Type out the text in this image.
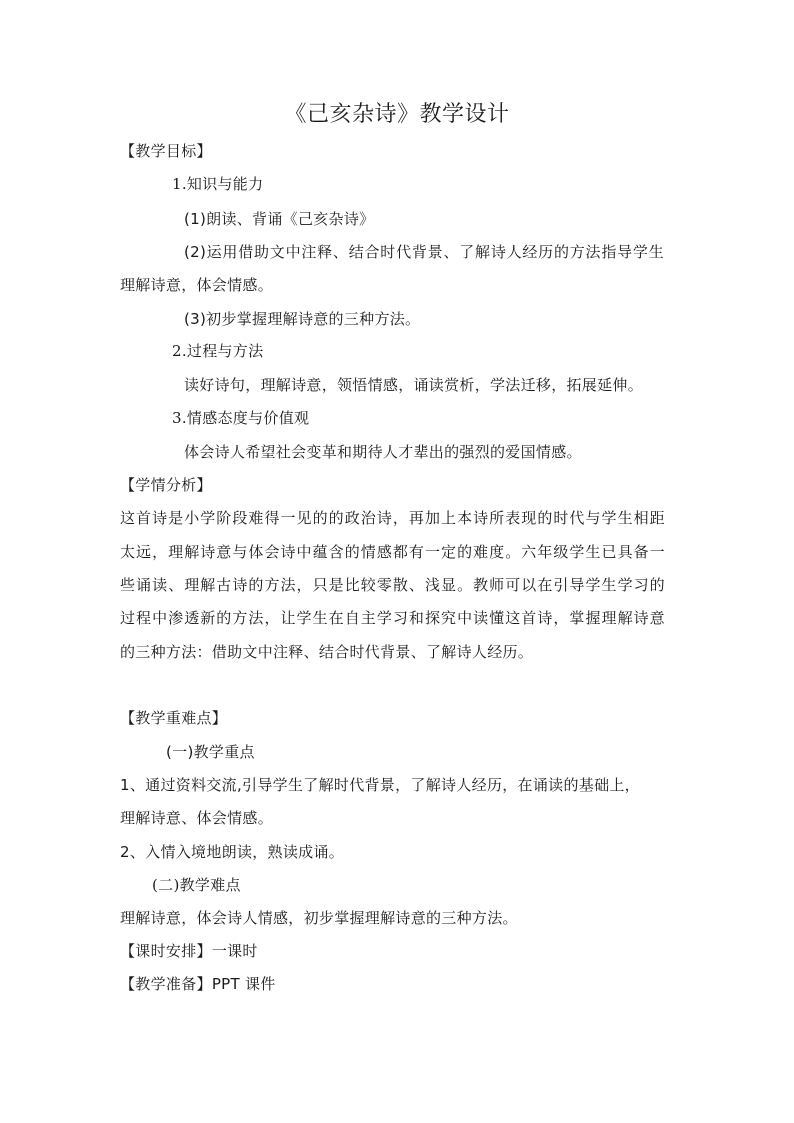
《己亥杂诗》教学设计
【教学目标】
1.知识与能力
(1)朗读、背诵《己亥杂诗》
(2)运用借助文中注释、结合时代背景、了解诗人经历的方法指导学生
理解诗意，体会情感。
(3)初步掌握理解诗意的三种方法。
2.过程与方法
读好诗句，理解诗意，领悟情感，诵读赏析，学法迁移，拓展延伸。
3.情感态度与价值观
体会诗人希望社会变革和期待人才辈出的强烈的爱国情感。
【学情分析】
这首诗是小学阶段难得一见的的政治诗，再加上本诗所表现的时代与学生相距
太远，理解诗意与体会诗中蕴含的情感都有一定的难度。六年级学生已具备一
些诵读、理解古诗的方法，只是比较零散、浅显。教师可以在引导学生学习的
过程中渗透新的方法，让学生在自主学习和探究中读懂这首诗，掌握理解诗意
的三种方法：借助文中注释、结合时代背景、了解诗人经历。
【教学重难点】
(一)教学重点
1、通过资料交流,引导学生了解时代背景，了解诗人经历，在诵读的基础上，
理解诗意、体会情感。
2、入情入境地朗读，熟读成诵。
(二)教学难点
理解诗意，体会诗人情感，初步掌握理解诗意的三种方法。
【课时安排】一课时
【教学准备】PPT 课件
